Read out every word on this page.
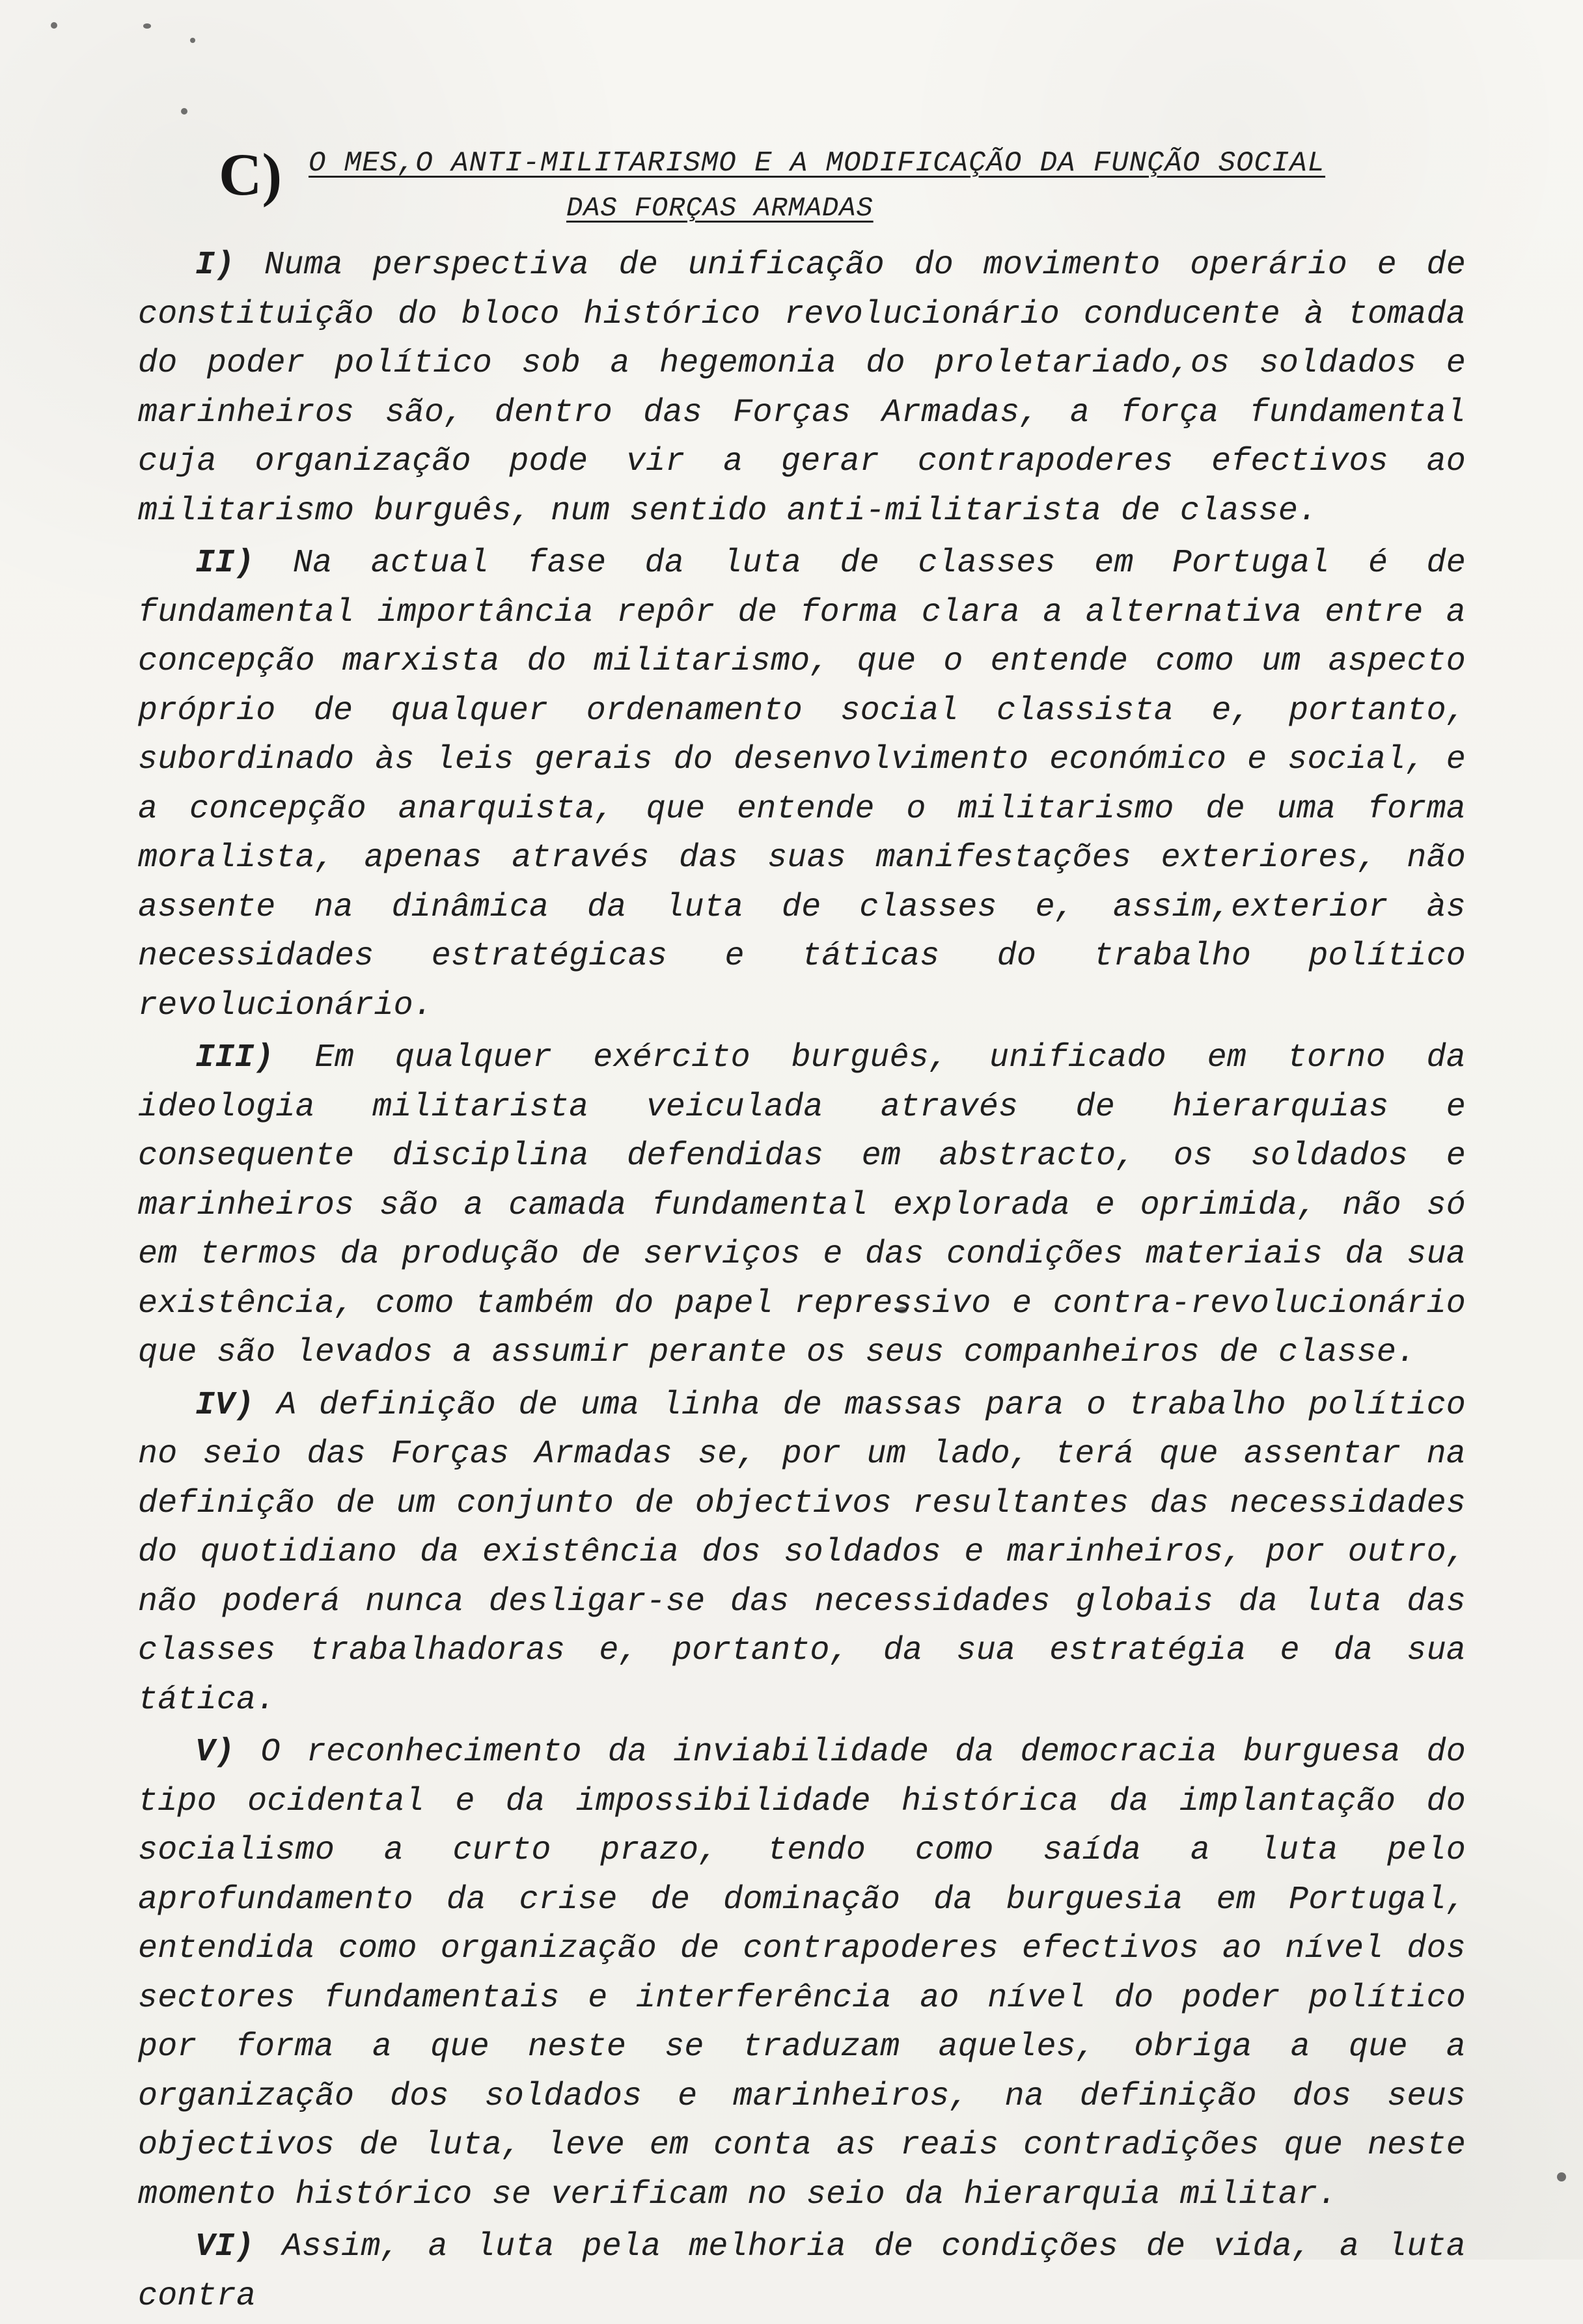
C) O MES,O ANTI-MILITARISMO E A MODIFICAÇÃO DA FUNÇÃO SOCIAL
DAS FORÇAS ARMADAS

I) Numa perspectiva de unificação do movimento operário e de constituição do bloco histórico revolucionário conducente à tomada do poder político sob a hegemonia do proletariado,os soldados e marinheiros são, dentro das Forças Armadas, a força fundamental cuja organização pode vir a gerar contrapoderes efectivos ao militarismo burguês, num sentido anti-militarista de classe.

II) Na actual fase da luta de classes em Portugal é de fundamental importância repôr de forma clara a alternativa entre a concepção marxista do militarismo, que o entende como um aspecto próprio de qualquer ordenamento social classista e, portanto, subordinado às leis gerais do desenvolvimento económico e social, e a concepção anarquista, que entende o militarismo de uma forma moralista, apenas através das suas manifestações exteriores, não assente na dinâmica da luta de classes e, assim,exterior às necessidades estratégicas e táticas do trabalho político revolucionário.

III) Em qualquer exército burguês, unificado em torno da ideologia militarista veiculada através de hierarquias e consequente disciplina defendidas em abstracto, os soldados e marinheiros são a camada fundamental explorada e oprimida, não só em termos da produção de serviços e das condições materiais da sua existência, como também do papel repressivo e contra-revolucionário que são levados a assumir perante os seus companheiros de classe.

IV) A definição de uma linha de massas para o trabalho político no seio das Forças Armadas se, por um lado, terá que assentar na definição de um conjunto de objectivos resultantes das necessidades do quotidiano da existência dos soldados e marinheiros, por outro, não poderá nunca desligar-se das necessidades globais da luta das classes trabalhadoras e, portanto, da sua estratégia e da sua tática.

V) O reconhecimento da inviabilidade da democracia burguesa do tipo ocidental e da impossibilidade histórica da implantação do socialismo a curto prazo, tendo como saída a luta pelo aprofundamento da crise de dominação da burguesia em Portugal, entendida como organização de contrapoderes efectivos ao nível dos sectores fundamentais e interferência ao nível do poder político por forma a que neste se traduzam aqueles, obriga a que a organização dos soldados e marinheiros, na definição dos seus objectivos de luta, leve em conta as reais contradições que neste momento histórico se verificam no seio da hierarquia militar.

VI) Assim, a luta pela melhoria de condições de vida, a luta contra
